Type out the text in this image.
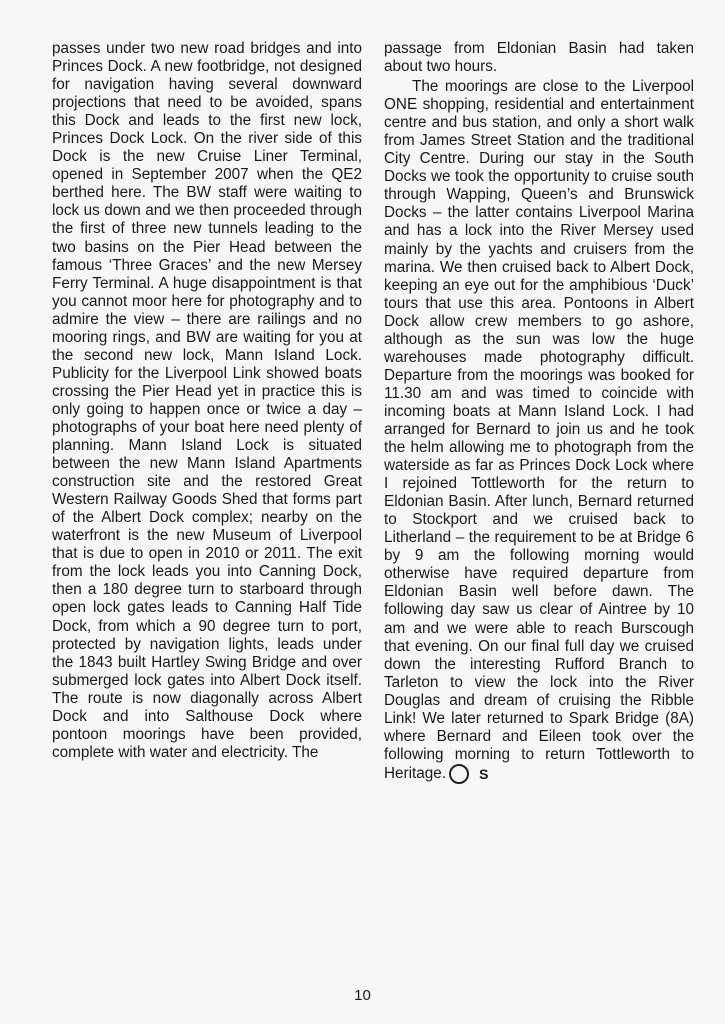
passes under two new road bridges and into Princes Dock. A new footbridge, not designed for navigation having several downward projections that need to be avoided, spans this Dock and leads to the first new lock, Princes Dock Lock. On the river side of this Dock is the new Cruise Liner Terminal, opened in September 2007 when the QE2 berthed here. The BW staff were waiting to lock us down and we then proceeded through the first of three new tunnels leading to the two basins on the Pier Head between the famous ‘Three Graces’ and the new Mersey Ferry Terminal. A huge disappointment is that you cannot moor here for photography and to admire the view – there are railings and no mooring rings, and BW are waiting for you at the second new lock, Mann Island Lock. Publicity for the Liverpool Link showed boats crossing the Pier Head yet in practice this is only going to happen once or twice a day – photographs of your boat here need plenty of planning. Mann Island Lock is situated between the new Mann Island Apartments construction site and the restored Great Western Railway Goods Shed that forms part of the Albert Dock complex; nearby on the waterfront is the new Museum of Liverpool that is due to open in 2010 or 2011. The exit from the lock leads you into Canning Dock, then a 180 degree turn to starboard through open lock gates leads to Canning Half Tide Dock, from which a 90 degree turn to port, protected by navigation lights, leads under the 1843 built Hartley Swing Bridge and over submerged lock gates into Albert Dock itself. The route is now diagonally across Albert Dock and into Salthouse Dock where pontoon moorings have been provided, complete with water and electricity. The

passage from Eldonian Basin had taken about two hours.

The moorings are close to the Liverpool ONE shopping, residential and entertainment centre and bus station, and only a short walk from James Street Station and the traditional City Centre. During our stay in the South Docks we took the opportunity to cruise south through Wapping, Queen’s and Brunswick Docks – the latter contains Liverpool Marina and has a lock into the River Mersey used mainly by the yachts and cruisers from the marina. We then cruised back to Albert Dock, keeping an eye out for the amphibious ‘Duck’ tours that use this area. Pontoons in Albert Dock allow crew members to go ashore, although as the sun was low the huge warehouses made photography difficult. Departure from the moorings was booked for 11.30 am and was timed to coincide with incoming boats at Mann Island Lock. I had arranged for Bernard to join us and he took the helm allowing me to photograph from the waterside as far as Princes Dock Lock where I rejoined Tottleworth for the return to Eldonian Basin. After lunch, Bernard returned to Stockport and we cruised back to Litherland – the requirement to be at Bridge 6 by 9 am the following morning would otherwise have required departure from Eldonian Basin well before dawn. The following day saw us clear of Aintree by 10 am and we were able to reach Burscough that evening. On our final full day we cruised down the interesting Rufford Branch to Tarleton to view the lock into the River Douglas and dream of cruising the Ribble Link! We later returned to Spark Bridge (8A) where Bernard and Eileen took over the following morning to return Tottleworth to Heritage. S

10
